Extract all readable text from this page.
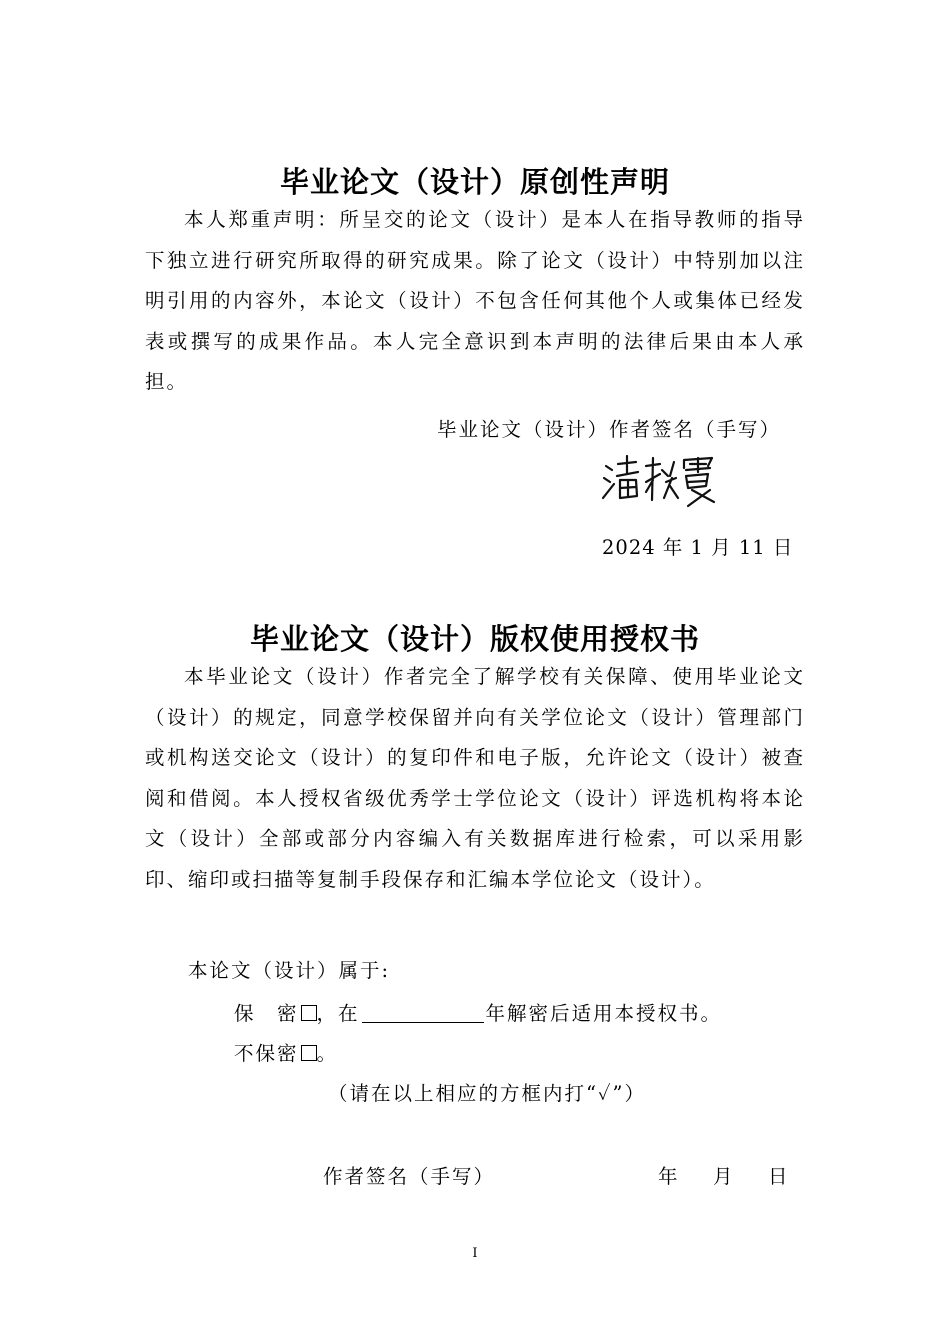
毕业论文（设计）原创性声明

本人郑重声明：所呈交的论文（设计）是本人在指导教师的指导下独立进行研究所取得的研究成果。除了论文（设计）中特别加以注明引用的内容外，本论文（设计）不包含任何其他个人或集体已经发表或撰写的成果作品。本人完全意识到本声明的法律后果由本人承担。

毕业论文（设计）作者签名（手写）
2024 年 1 月 11 日
毕业论文（设计）版权使用授权书

本毕业论文（设计）作者完全了解学校有关保障、使用毕业论文（设计）的规定，同意学校保留并向有关学位论文（设计）管理部门或机构送交论文（设计）的复印件和电子版，允许论文（设计）被查阅和借阅。本人授权省级优秀学士学位论文（设计）评选机构将本论文（设计）全部或部分内容编入有关数据库进行检索，可以采用影印、缩印或扫描等复制手段保存和汇编本学位论文（设计）。

本论文（设计）属于:
保　密 ，在	年解密后适用本授权书。
不保密 。
（请在以上相应的方框内打“✓”）
作者签名（手写）	年　月　日
I
